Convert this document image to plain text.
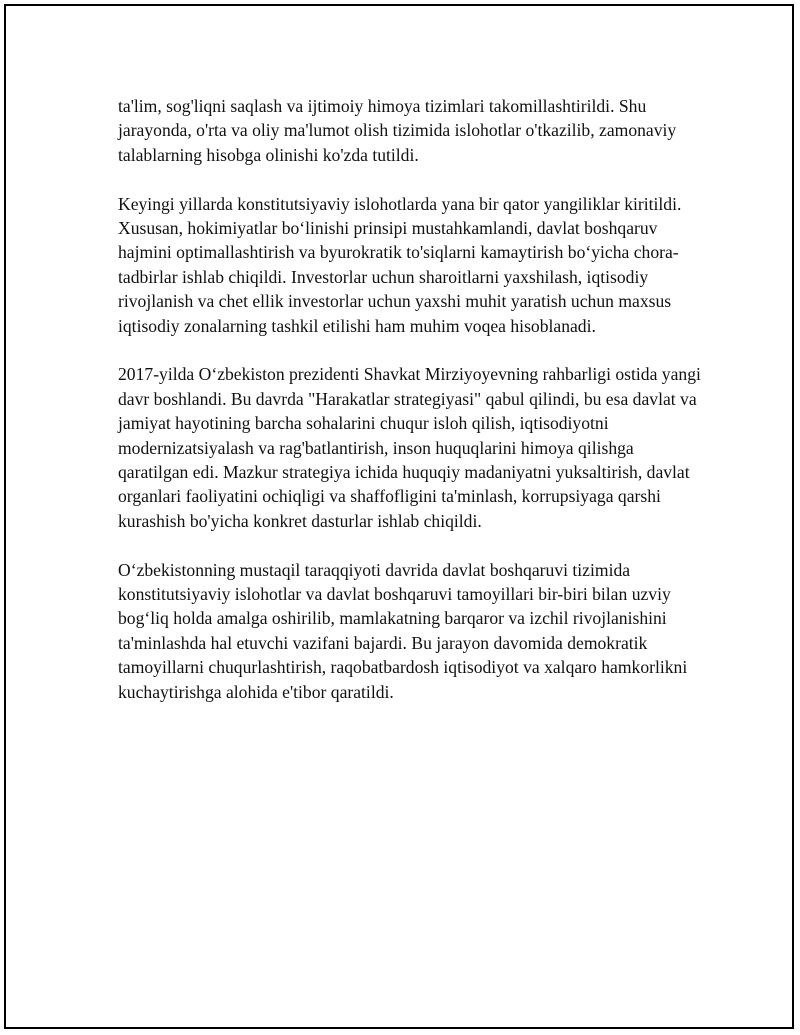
ta'lim, sog'liqni saqlash va ijtimoiy himoya tizimlari takomillashtirildi. Shu jarayonda, o'rta va oliy ma'lumot olish tizimida islohotlar o'tkazilib, zamonaviy talablarning hisobga olinishi ko'zda tutildi.

Keyingi yillarda konstitutsiyaviy islohotlarda yana bir qator yangiliklar kiritildi. Xususan, hokimiyatlar bo‘linishi prinsipi mustahkamlandi, davlat boshqaruv hajmini optimallashtirish va byurokratik to'siqlarni kamaytirish bo‘yicha chora-tadbirlar ishlab chiqildi. Investorlar uchun sharoitlarni yaxshilash, iqtisodiy rivojlanish va chet ellik investorlar uchun yaxshi muhit yaratish uchun maxsus iqtisodiy zonalarning tashkil etilishi ham muhim voqea hisoblanadi.

2017-yilda O‘zbekiston prezidenti Shavkat Mirziyoyevning rahbarligi ostida yangi davr boshlandi. Bu davrda "Harakatlar strategiyasi" qabul qilindi, bu esa davlat va jamiyat hayotining barcha sohalarini chuqur isloh qilish, iqtisodiyotni modernizatsiyalash va rag'batlantirish, inson huquqlarini himoya qilishga qaratilgan edi. Mazkur strategiya ichida huquqiy madaniyatni yuksaltirish, davlat organlari faoliyatini ochiqligi va shaffofligini ta'minlash, korrupsiyaga qarshi kurashish bo'yicha konkret dasturlar ishlab chiqildi.

O‘zbekistonning mustaqil taraqqiyoti davrida davlat boshqaruvi tizimida konstitutsiyaviy islohotlar va davlat boshqaruvi tamoyillari bir-biri bilan uzviy bog‘liq holda amalga oshirilib, mamlakatning barqaror va izchil rivojlanishini ta'minlashda hal etuvchi vazifani bajardi. Bu jarayon davomida demokratik tamoyillarni chuqurlashtirish, raqobatbardosh iqtisodiyot va xalqaro hamkorlikni kuchaytirishga alohida e'tibor qaratildi.
